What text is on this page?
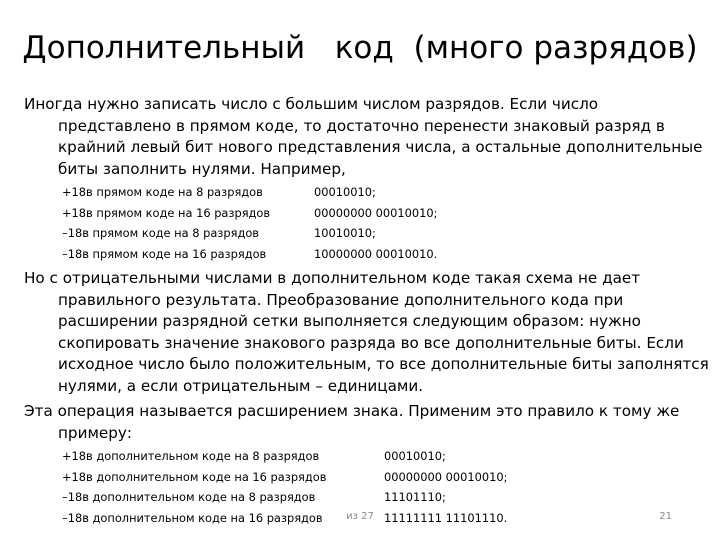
Дополнительный   код  (много разрядов)

Иногда нужно записать число с большим числом разрядов. Если число представлено в прямом коде, то достаточно перенести знаковый разряд в крайний левый бит нового представления числа, а остальные дополнительные биты заполнить нулями. Например,

+18в прямом коде на 8 разрядов	00010010;
+18в прямом коде на 16 разрядов	00000000 00010010;
–18в прямом коде на 8 разрядов	10010010;
–18в прямом коде на 16 разрядов	10000000 00010010.

Но с отрицательными числами в дополнительном коде такая схема не дает правильного результата. Преобразование дополнительного кода при расширении разрядной сетки выполняется следующим образом: нужно скопировать значение знакового разряда во все дополнительные биты. Если исходное число было положительным, то все дополнительные биты заполнятся нулями, а если отрицательным – единицами.

Эта операция называется расширением знака. Применим это правило к тому же примеру:

+18в дополнительном коде на 8 разрядов	00010010;
+18в дополнительном коде на 16 разрядов	00000000 00010010;
–18в дополнительном коде на 8 разрядов	11101110;
–18в дополнительном коде на 16 разрядов	11111111 11101110.
из 27	21
